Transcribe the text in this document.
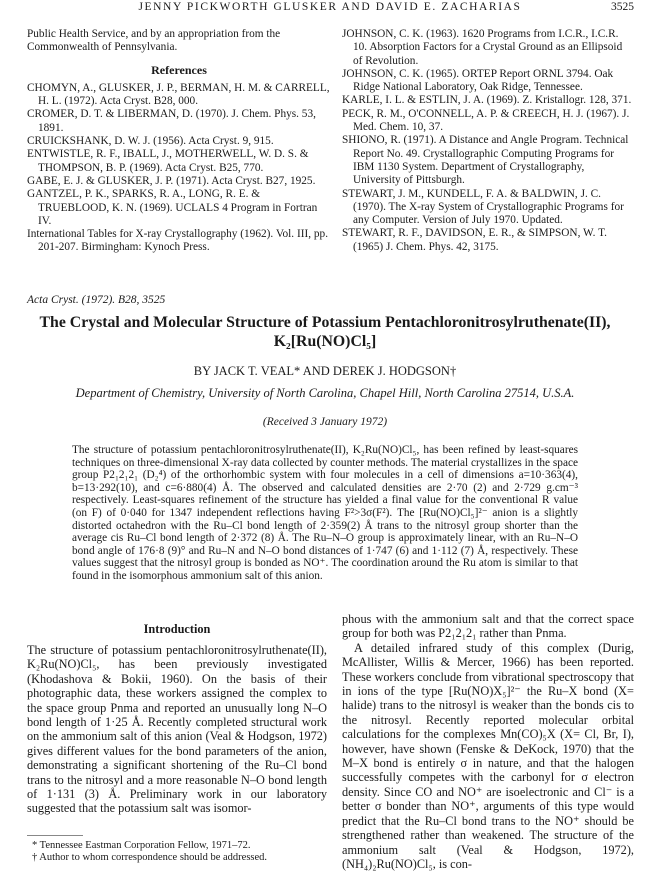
JENNY PICKWORTH GLUSKER AND DAVID E. ZACHARIAS	3525

Public Health Service, and by an appropriation from the Commonwealth of Pennsylvania.

References

CHOMYN, A., GLUSKER, J. P., BERMAN, H. M. & CARRELL, H. L. (1972). Acta Cryst. B28, 000.

CROMER, D. T. & LIBERMAN, D. (1970). J. Chem. Phys. 53, 1891.

CRUICKSHANK, D. W. J. (1956). Acta Cryst. 9, 915.

ENTWISTLE, R. F., IBALL, J., MOTHERWELL, W. D. S. & THOMPSON, B. P. (1969). Acta Cryst. B25, 770.

GABE, E. J. & GLUSKER, J. P. (1971). Acta Cryst. B27, 1925.

GANTZEL, P. K., SPARKS, R. A., LONG, R. E. & TRUEBLOOD, K. N. (1969). UCLALS 4 Program in Fortran IV.

International Tables for X-ray Crystallography (1962). Vol. III, pp. 201-207. Birmingham: Kynoch Press.

JOHNSON, C. K. (1963). 1620 Programs from I.C.R., I.C.R. 10. Absorption Factors for a Crystal Ground as an Ellipsoid of Revolution.

JOHNSON, C. K. (1965). ORTEP Report ORNL 3794. Oak Ridge National Laboratory, Oak Ridge, Tennessee.

KARLE, I. L. & ESTLIN, J. A. (1969). Z. Kristallogr. 128, 371.

PECK, R. M., O'CONNELL, A. P. & CREECH, H. J. (1967). J. Med. Chem. 10, 37.

SHIONO, R. (1971). A Distance and Angle Program. Technical Report No. 49. Crystallographic Computing Programs for IBM 1130 System. Department of Crystallography, University of Pittsburgh.

STEWART, J. M., KUNDELL, F. A. & BALDWIN, J. C. (1970). The X-ray System of Crystallographic Programs for any Computer. Version of July 1970. Updated.

STEWART, R. F., DAVIDSON, E. R., & SIMPSON, W. T. (1965) J. Chem. Phys. 42, 3175.

Acta Cryst. (1972). B28, 3525
The Crystal and Molecular Structure of Potassium Pentachloronitrosylruthenate(II),
K₂[Ru(NO)Cl₅]
BY JACK T. VEAL* AND DEREK J. HODGSON†
Department of Chemistry, University of North Carolina, Chapel Hill, North Carolina 27514, U.S.A.
(Received 3 January 1972)
The structure of potassium pentachloronitrosylruthenate(II), K₂Ru(NO)Cl₅, has been refined by least-squares techniques on three-dimensional X-ray data collected by counter methods. The material crystallizes in the space group P2₁2₁2₁ (D₂⁴) of the orthorhombic system with four molecules in a cell of dimensions a=10·363(4), b=13·292(10), and c=6·880(4) Å. The observed and calculated densities are 2·70 (2) and 2·729 g.cm⁻³ respectively. Least-squares refinement of the structure has yielded a final value for the conventional R value (on F) of 0·040 for 1347 independent reflections having F²>3σ(F²). The [Ru(NO)Cl₅]²⁻ anion is a slightly distorted octahedron with the Ru–Cl bond length of 2·359(2) Å trans to the nitrosyl group shorter than the average cis Ru–Cl bond length of 2·372 (8) Å. The Ru–N–O group is approximately linear, with an Ru–N–O bond angle of 176·8 (9)° and Ru–N and N–O bond distances of 1·747 (6) and 1·112 (7) Å, respectively. These values suggest that the nitrosyl group is bonded as NO⁺. The coordination around the Ru atom is similar to that found in the isomorphous ammonium salt of this anion.
Introduction

The structure of potassium pentachloronitrosylruthenate(II), K₂Ru(NO)Cl₅, has been previously investigated (Khodashova & Bokii, 1960). On the basis of their photographic data, these workers assigned the complex to the space group Pnma and reported an unusually long N–O bond length of 1·25 Å. Recently completed structural work on the ammonium salt of this anion (Veal & Hodgson, 1972) gives different values for the bond parameters of the anion, demonstrating a significant shortening of the Ru–Cl bond trans to the nitrosyl and a more reasonable N–O bond length of 1·131 (3) Å. Preliminary work in our laboratory suggested that the potassium salt was isomor-

* Tennessee Eastman Corporation Fellow, 1971–72.
† Author to whom correspondence should be addressed.

phous with the ammonium salt and that the correct space group for both was P2₁2₁2₁ rather than Pnma.

A detailed infrared study of this complex (Durig, McAllister, Willis & Mercer, 1966) has been reported. These workers conclude from vibrational spectroscopy that in ions of the type [Ru(NO)X₅]²⁻ the Ru–X bond (X= halide) trans to the nitrosyl is weaker than the bonds cis to the nitrosyl. Recently reported molecular orbital calculations for the complexes Mn(CO)₅X (X= Cl, Br, I), however, have shown (Fenske & DeKock, 1970) that the M–X bond is entirely σ in nature, and that the halogen successfully competes with the carbonyl for σ electron density. Since CO and NO⁺ are isoelectronic and Cl⁻ is a better σ bonder than NO⁺, arguments of this type would predict that the Ru–Cl bond trans to the NO⁺ should be strengthened rather than weakened. The structure of the ammonium salt (Veal & Hodgson, 1972), (NH₄)₂Ru(NO)Cl₅, is con-
